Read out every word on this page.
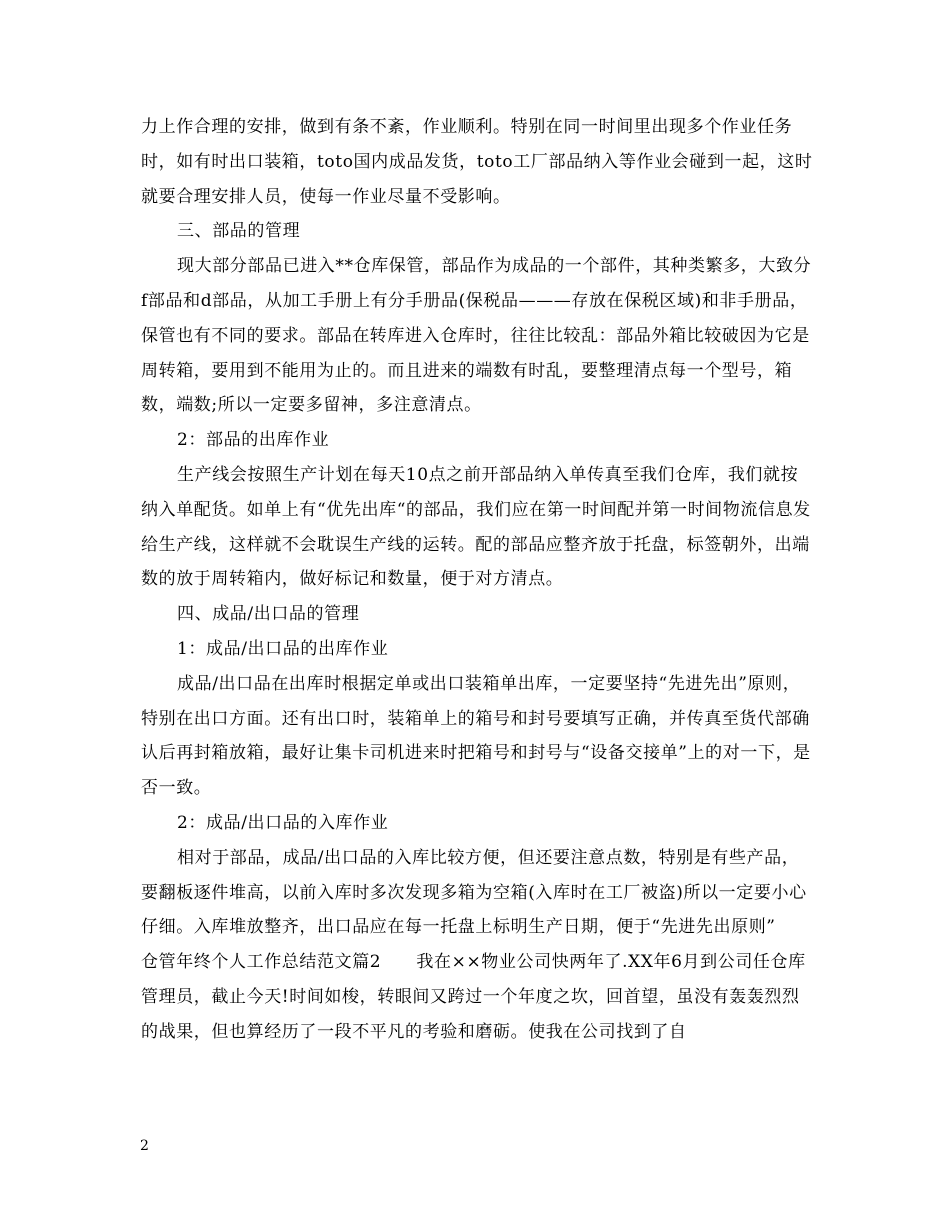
力上作合理的安排，做到有条不紊，作业顺利。特别在同一时间里出现多个作业任务时，如有时出口装箱，toto国内成品发货，toto工厂部品纳入等作业会碰到一起，这时就要合理安排人员，使每一作业尽量不受影响。

三、部品的管理

现大部分部品已进入**仓库保管，部品作为成品的一个部件，其种类繁多，大致分f部品和d部品，从加工手册上有分手册品(保税品———存放在保税区域)和非手册品，保管也有不同的要求。部品在转库进入仓库时，往往比较乱：部品外箱比较破因为它是周转箱，要用到不能用为止的。而且进来的端数有时乱，要整理清点每一个型号，箱数，端数;所以一定要多留神，多注意清点。

2：部品的出库作业

生产线会按照生产计划在每天10点之前开部品纳入单传真至我们仓库，我们就按纳入单配货。如单上有“优先出库“的部品，我们应在第一时间配并第一时间物流信息发给生产线，这样就不会耽误生产线的运转。配的部品应整齐放于托盘，标签朝外，出端数的放于周转箱内，做好标记和数量，便于对方清点。

四、成品/出口品的管理

1：成品/出口品的出库作业

成品/出口品在出库时根据定单或出口装箱单出库，一定要坚持“先进先出”原则，特别在出口方面。还有出口时，装箱单上的箱号和封号要填写正确，并传真至货代部确认后再封箱放箱，最好让集卡司机进来时把箱号和封号与“设备交接单”上的对一下，是否一致。

2：成品/出口品的入库作业

相对于部品，成品/出口品的入库比较方便，但还要注意点数，特别是有些产品，要翻板逐件堆高，以前入库时多次发现多箱为空箱(入库时在工厂被盗)所以一定要小心仔细。入库堆放整齐，出口品应在每一托盘上标明生产日期，便于“先进先出原则”

仓管年终个人工作总结范文篇2　　我在××物业公司快两年了.XX年6月到公司任仓库管理员，截止今天!时间如梭，转眼间又跨过一个年度之坎，回首望，虽没有轰轰烈烈的战果，但也算经历了一段不平凡的考验和磨砺。使我在公司找到了自

2
